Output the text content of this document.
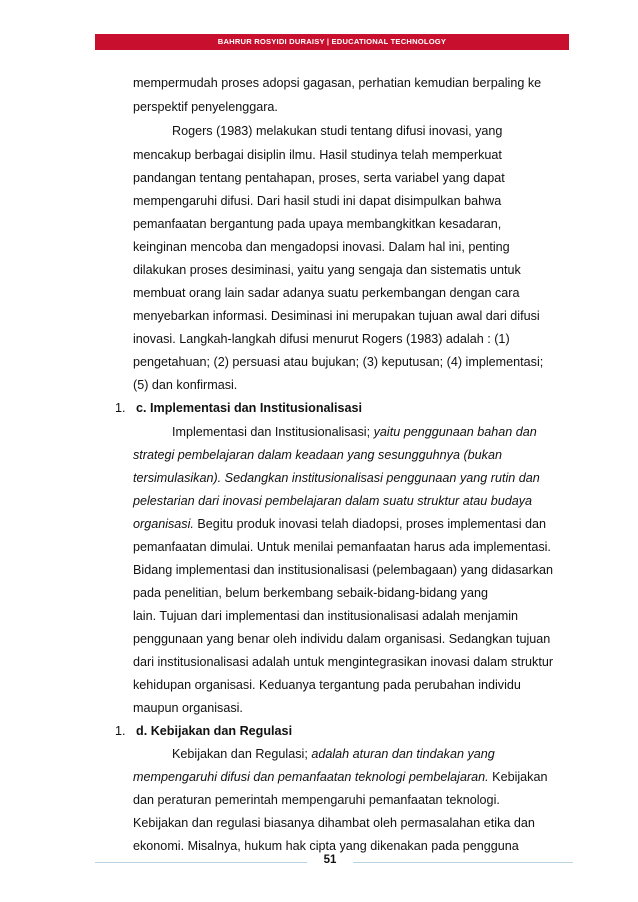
BAHRUR ROSYIDI DURAISY | EDUCATIONAL TECHNOLOGY
mempermudah proses adopsi gagasan, perhatian kemudian berpaling ke
perspektif penyelenggara.
Rogers (1983) melakukan studi tentang difusi inovasi, yang
mencakup berbagai disiplin ilmu. Hasil studinya telah memperkuat
pandangan tentang pentahapan, proses, serta variabel yang dapat
mempengaruhi difusi. Dari hasil studi ini dapat disimpulkan bahwa
pemanfaatan bergantung pada upaya membangkitkan kesadaran,
keinginan mencoba dan mengadopsi inovasi. Dalam hal ini, penting
dilakukan proses desiminasi, yaitu yang sengaja dan sistematis untuk
membuat orang lain sadar adanya suatu perkembangan dengan cara
menyebarkan informasi. Desiminasi ini merupakan tujuan awal dari difusi
inovasi. Langkah-langkah difusi menurut Rogers (1983) adalah : (1)
pengetahuan; (2) persuasi atau bujukan; (3) keputusan; (4) implementasi;
(5) dan konfirmasi.
1. c. Implementasi dan Institusionalisasi
Implementasi dan Institusionalisasi; yaitu penggunaan bahan dan
strategi pembelajaran dalam keadaan yang sesungguhnya (bukan
tersimulasikan). Sedangkan institusionalisasi penggunaan yang rutin dan
pelestarian dari inovasi pembelajaran dalam suatu struktur atau budaya
organisasi. Begitu produk inovasi telah diadopsi, proses implementasi dan
pemanfaatan dimulai. Untuk menilai pemanfaatan harus ada implementasi.
Bidang implementasi dan institusionalisasi (pelembagaan) yang didasarkan
pada penelitian, belum berkembang sebaik-bidang-bidang yang
lain. Tujuan dari implementasi dan institusionalisasi adalah menjamin
penggunaan yang benar oleh individu dalam organisasi. Sedangkan tujuan
dari institusionalisasi adalah untuk mengintegrasikan inovasi dalam struktur
kehidupan organisasi. Keduanya tergantung pada perubahan individu
maupun organisasi.
1. d. Kebijakan dan Regulasi
Kebijakan dan Regulasi; adalah aturan dan tindakan yang
mempengaruhi difusi dan pemanfaatan teknologi pembelajaran. Kebijakan
dan peraturan pemerintah mempengaruhi pemanfaatan teknologi.
Kebijakan dan regulasi biasanya dihambat oleh permasalahan etika dan
ekonomi. Misalnya, hukum hak cipta yang dikenakan pada pengguna
51
